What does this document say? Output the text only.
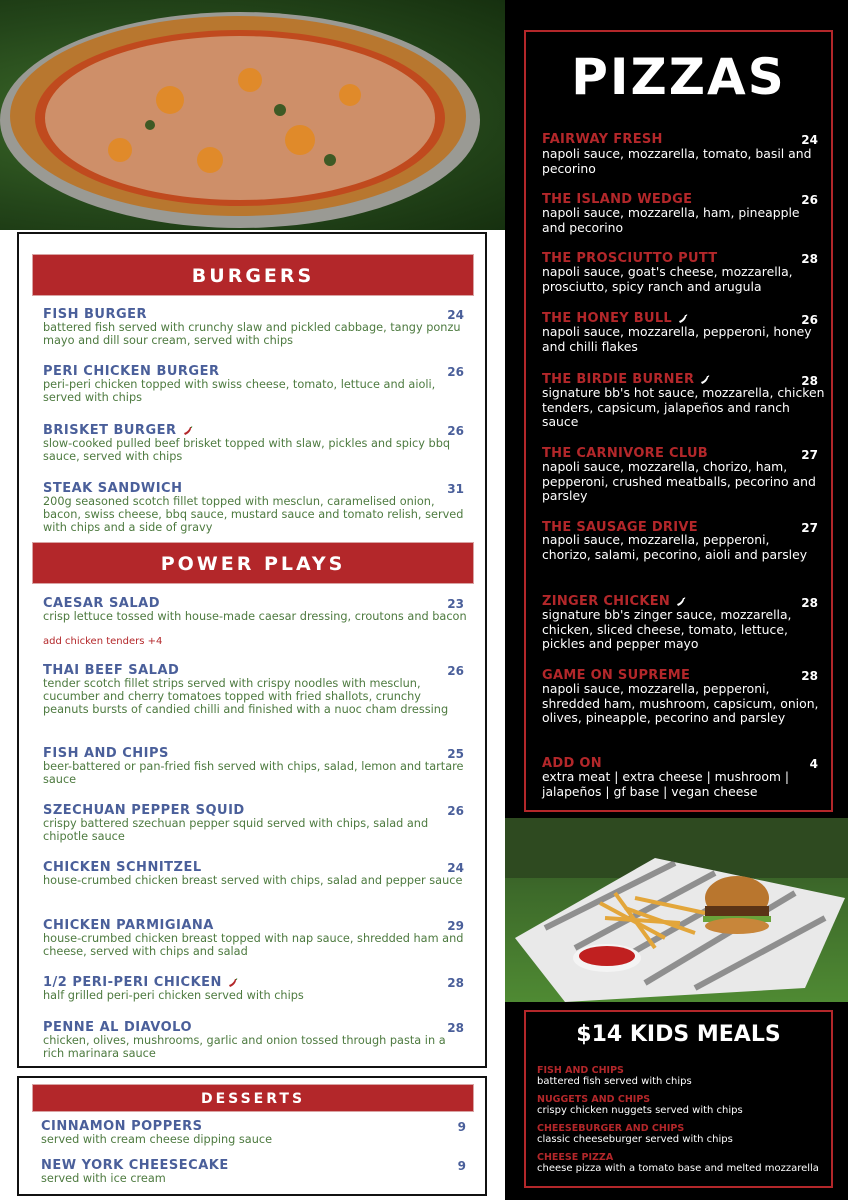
BURGERS
FISH BURGER	24
battered fish served with crunchy slaw and pickled cabbage, tangy ponzu mayo and dill sour cream, served with chips
PERI CHICKEN BURGER	26
peri-peri chicken topped with swiss cheese, tomato, lettuce and aioli, served with chips
BRISKET BURGER	26
slow-cooked pulled beef brisket topped with slaw, pickles and spicy bbq sauce, served with chips
STEAK SANDWICH	31
200g seasoned scotch fillet topped with mesclun, caramelised onion, bacon, swiss cheese, bbq sauce, mustard sauce and tomato relish, served with chips and a side of gravy
POWER PLAYS
CAESAR SALAD	23
crisp lettuce tossed with house-made caesar dressing, croutons and bacon
add chicken tenders +4
THAI BEEF SALAD	26
tender scotch fillet strips served with crispy noodles with mesclun, cucumber and cherry tomatoes topped with fried shallots, crunchy peanuts bursts of candied chilli and finished with a nuoc cham dressing
FISH AND CHIPS	25
beer-battered or pan-fried fish served with chips, salad, lemon and tartare sauce
SZECHUAN PEPPER SQUID	26
crispy battered szechuan pepper squid served with chips, salad and chipotle sauce
CHICKEN SCHNITZEL	24
house-crumbed chicken breast served with chips, salad and pepper sauce
CHICKEN PARMIGIANA	29
house-crumbed chicken breast topped with nap sauce, shredded ham and cheese, served with chips and salad
1/2 PERI-PERI CHICKEN	28
half grilled peri-peri chicken served with chips
PENNE AL DIAVOLO	28
chicken, olives, mushrooms, garlic and onion tossed through pasta in a rich marinara sauce
DESSERTS
CINNAMON POPPERS	9
served with cream cheese dipping sauce
NEW YORK CHEESECAKE	9
served with ice cream
PIZZAS
FAIRWAY FRESH	24
napoli sauce, mozzarella, tomato, basil and pecorino
THE ISLAND WEDGE	26
napoli sauce, mozzarella, ham, pineapple and pecorino
THE PROSCIUTTO PUTT	28
napoli sauce, goat's cheese, mozzarella, prosciutto, spicy ranch and arugula
THE HONEY BULL	26
napoli sauce, mozzarella, pepperoni, honey and chilli flakes
THE BIRDIE BURNER	28
signature bb's hot sauce, mozzarella, chicken tenders, capsicum, jalapeños and ranch sauce
THE CARNIVORE CLUB	27
napoli sauce, mozzarella, chorizo, ham, pepperoni, crushed meatballs, pecorino and parsley
THE SAUSAGE DRIVE	27
napoli sauce, mozzarella, pepperoni, chorizo, salami, pecorino, aioli and parsley
ZINGER CHICKEN	28
signature bb's zinger sauce, mozzarella, chicken, sliced cheese, tomato, lettuce, pickles and pepper mayo
GAME ON SUPREME	28
napoli sauce, mozzarella, pepperoni, shredded ham, mushroom, capsicum, onion, olives, pineapple, pecorino and parsley
ADD ON	4
extra meat | extra cheese | mushroom | jalapeños | gf base | vegan cheese
$14 KIDS MEALS
FISH AND CHIPS
battered fish served with chips
NUGGETS AND CHIPS
crispy chicken nuggets served with chips
CHEESEBURGER AND CHIPS
classic cheeseburger served with chips
CHEESE PIZZA
cheese pizza with a tomato base and melted mozzarella
